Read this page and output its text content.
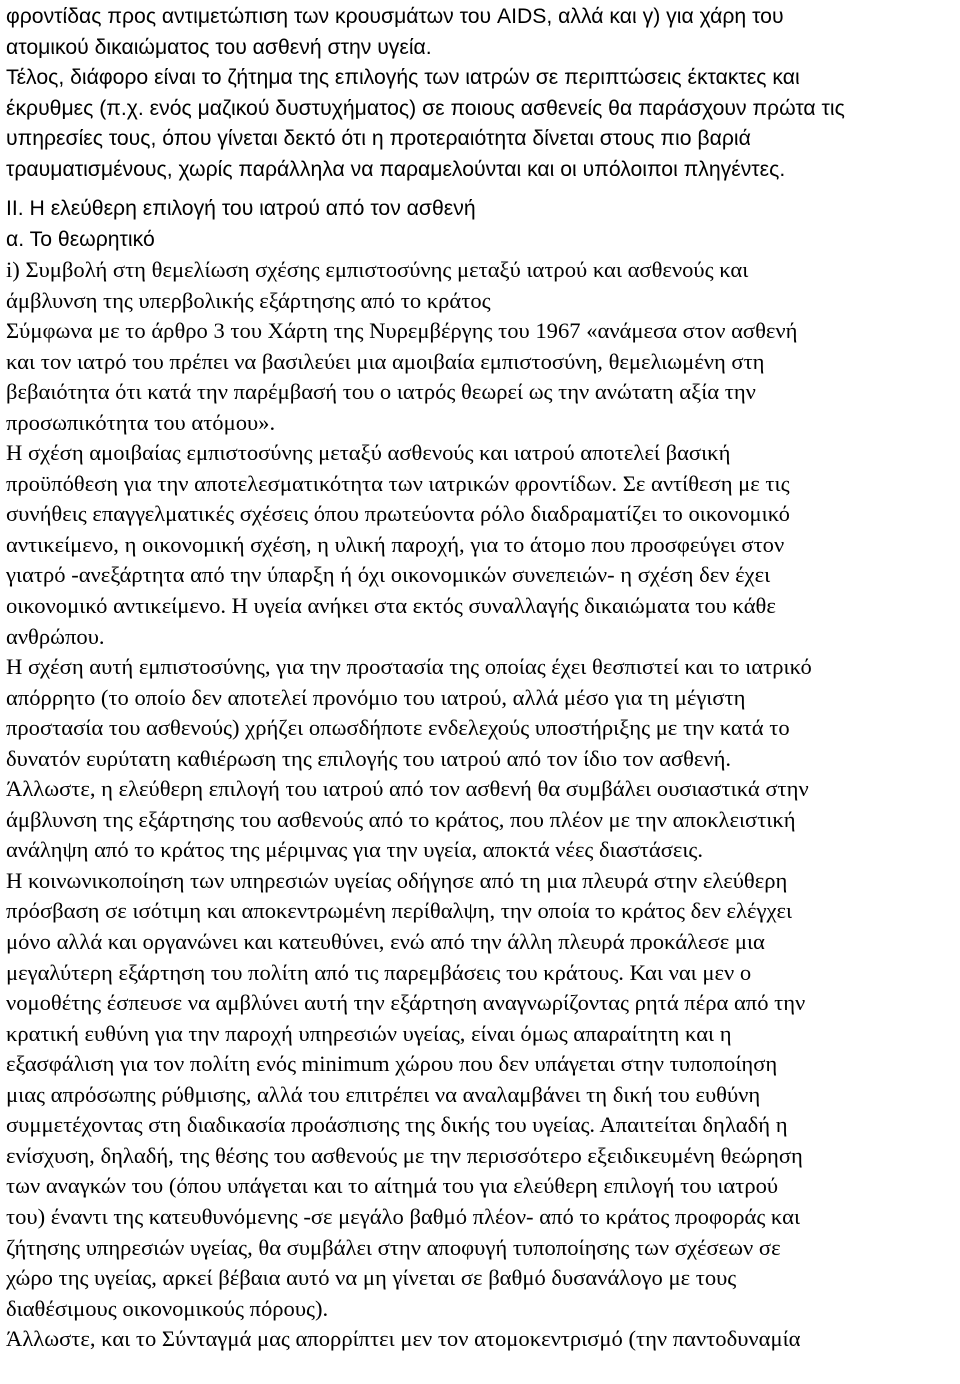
φροντίδας προς αντιμετώπιση των κρουσμάτων του AIDS, αλλά και γ) για χάρη του
ατομικού δικαιώματος του ασθενή στην υγεία.
Τέλος, διάφορο είναι το ζήτημα της επιλογής των ιατρών σε περιπτώσεις έκτακτες και
έκρυθμες (π.χ. ενός μαζικού δυστυχήματος) σε ποιους ασθενείς θα παράσχουν πρώτα τις
υπηρεσίες τους, όπου γίνεται δεκτό ότι η προτεραιότητα δίνεται στους πιο βαριά
τραυματισμένους, χωρίς παράλληλα να παραμελούνται και οι υπόλοιποι πληγέντες.

ΙΙ. Η ελεύθερη επιλογή του ιατρού από τον ασθενή

α. Το θεωρητικό

i) Συμβολή στη θεμελίωση σχέσης εμπιστοσύνης μεταξύ ιατρού και ασθενούς και
άμβλυνση της υπερβολικής εξάρτησης από το κράτος

Σύμφωνα με το άρθρο 3 του Χάρτη της Νυρεμβέργης του 1967 «ανάμεσα στον ασθενή
και τον ιατρό του πρέπει να βασιλεύει μια αμοιβαία εμπιστοσύνη, θεμελιωμένη στη
βεβαιότητα ότι κατά την παρέμβασή του ο ιατρός θεωρεί ως την ανώτατη αξία την
προσωπικότητα του ατόμου».

Η σχέση αμοιβαίας εμπιστοσύνης μεταξύ ασθενούς και ιατρού αποτελεί βασική
προϋπόθεση για την αποτελεσματικότητα των ιατρικών φροντίδων. Σε αντίθεση με τις
συνήθεις επαγγελματικές σχέσεις όπου πρωτεύοντα ρόλο διαδραματίζει το οικονομικό
αντικείμενο, η οικονομική σχέση, η υλική παροχή, για το άτομο που προσφεύγει στον
γιατρό -ανεξάρτητα από την ύπαρξη ή όχι οικονομικών συνεπειών- η σχέση δεν έχει
οικονομικό αντικείμενο. Η υγεία ανήκει στα εκτός συναλλαγής δικαιώματα του κάθε
ανθρώπου.

Η σχέση αυτή εμπιστοσύνης, για την προστασία της οποίας έχει θεσπιστεί και το ιατρικό
απόρρητο (το οποίο δεν αποτελεί προνόμιο του ιατρού, αλλά μέσο για τη μέγιστη
προστασία του ασθενούς) χρήζει οπωσδήποτε ενδελεχούς υποστήριξης με την κατά το
δυνατόν ευρύτατη καθιέρωση της επιλογής του ιατρού από τον ίδιο τον ασθενή.

Άλλωστε, η ελεύθερη επιλογή του ιατρού από τον ασθενή θα συμβάλει ουσιαστικά στην
άμβλυνση της εξάρτησης του ασθενούς από το κράτος, που πλέον με την αποκλειστική
ανάληψη από το κράτος της μέριμνας για την υγεία, αποκτά νέες διαστάσεις.

Η κοινωνικοποίηση των υπηρεσιών υγείας οδήγησε από τη μια πλευρά στην ελεύθερη
πρόσβαση σε ισότιμη και αποκεντρωμένη περίθαλψη, την οποία το κράτος δεν ελέγχει
μόνο αλλά και οργανώνει και κατευθύνει, ενώ από την άλλη πλευρά προκάλεσε μια
μεγαλύτερη εξάρτηση του πολίτη από τις παρεμβάσεις του κράτους. Και ναι μεν ο
νομοθέτης έσπευσε να αμβλύνει αυτή την εξάρτηση αναγνωρίζοντας ρητά πέρα από την
κρατική ευθύνη για την παροχή υπηρεσιών υγείας, είναι όμως απαραίτητη και η
εξασφάλιση για τον πολίτη ενός minimum χώρου που δεν υπάγεται στην τυποποίηση
μιας απρόσωπης ρύθμισης, αλλά του επιτρέπει να αναλαμβάνει τη δική του ευθύνη
συμμετέχοντας στη διαδικασία προάσπισης της δικής του υγείας. Απαιτείται δηλαδή η
ενίσχυση, δηλαδή, της θέσης του ασθενούς με την περισσότερο εξειδικευμένη θεώρηση
των αναγκών του (όπου υπάγεται και το αίτημά του για ελεύθερη επιλογή του ιατρού
του) έναντι της κατευθυνόμενης -σε μεγάλο βαθμό πλέον- από το κράτος προφοράς και
ζήτησης υπηρεσιών υγείας, θα συμβάλει στην αποφυγή τυποποίησης των σχέσεων σε
χώρο της υγείας, αρκεί βέβαια αυτό να μη γίνεται σε βαθμό δυσανάλογο με τους
διαθέσιμους οικονομικούς πόρους).

Άλλωστε, και το Σύνταγμά μας απορρίπτει μεν τον ατομοκεντρισμό (την παντοδυναμία
